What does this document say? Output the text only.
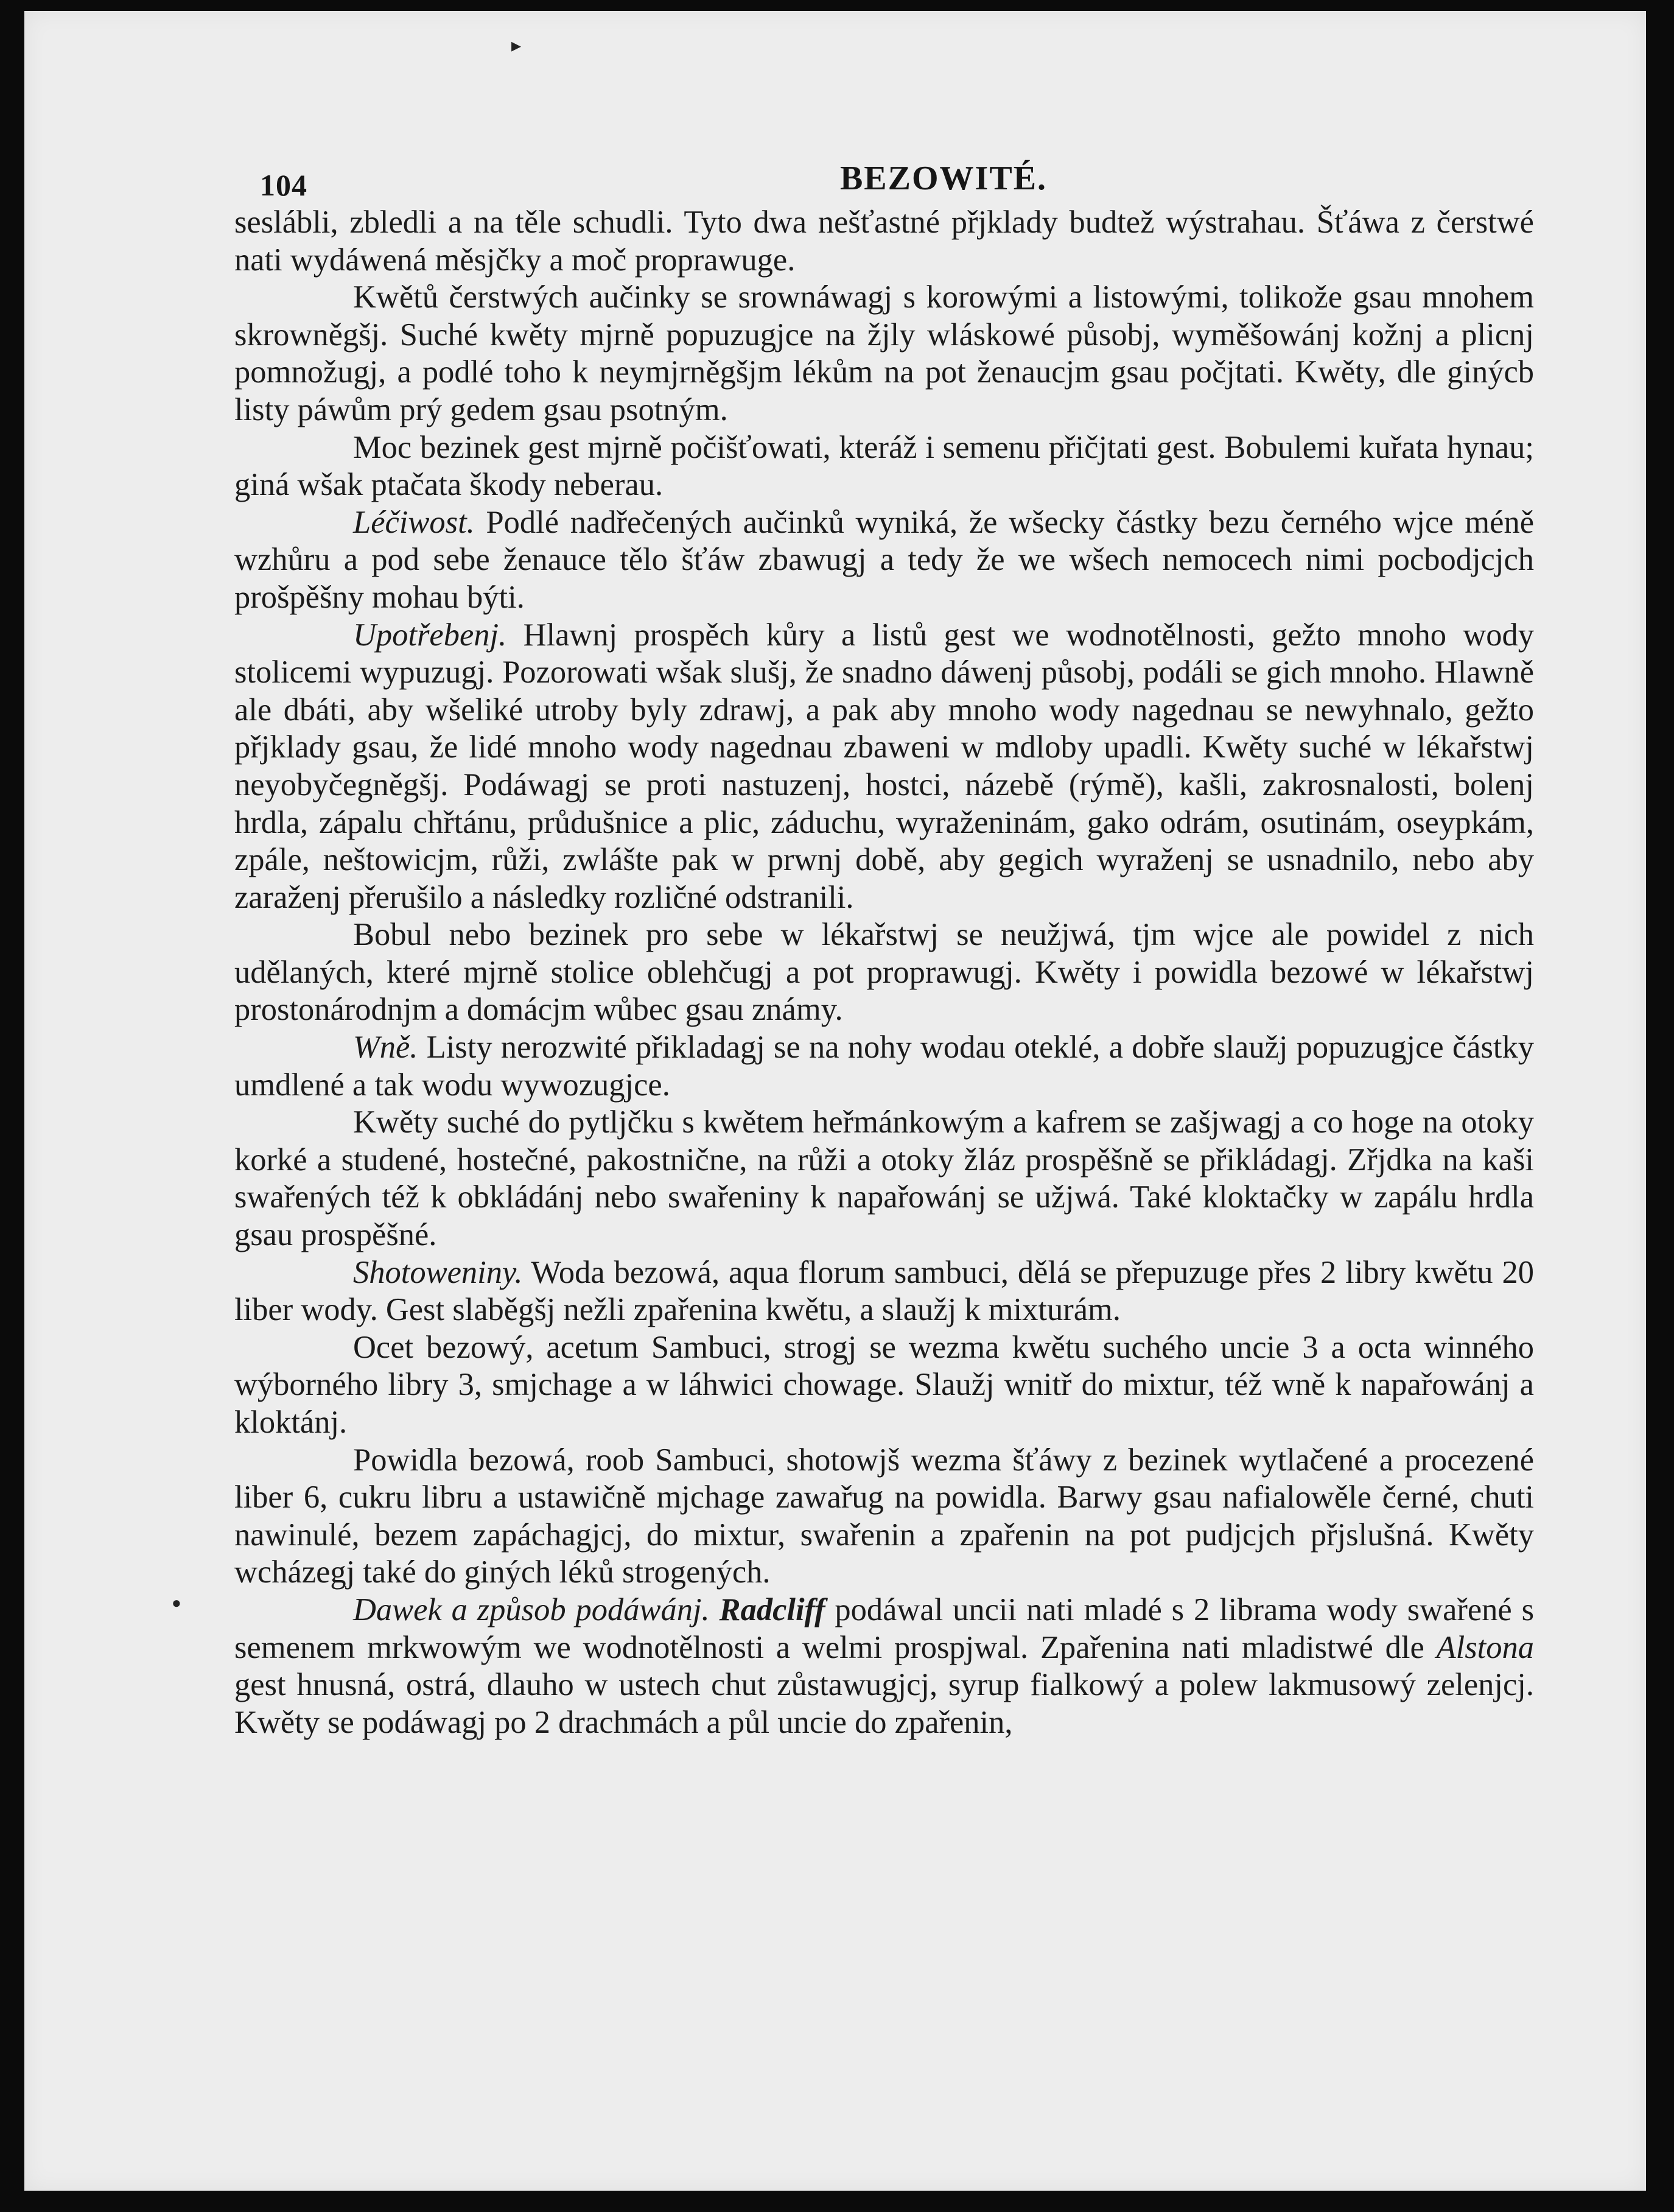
104	BEZOWITÉ.

seslábli, zbledli a na těle schudli. Tyto dwa nešťastné přjklady budtež wýstrahau. Šťáwa z čerstwé nati wydáwená měsjčky a moč proprawuge.

Kwětů čerstwých aučinky se srownáwagj s korowými a listowými, tolikože gsau mnohem skrowněgšj. Suché kwěty mjrně popuzugjce na žjly wláskowé působj, wyměšowánj kožnj a plicnj pomnožugj, a podlé toho k neymjrněgšjm lékům na pot ženaucjm gsau počjtati. Kwěty, dle ginýcb listy páwům prý gedem gsau psotným.

Moc bezinek gest mjrně počišťowati, kteráž i semenu přičjtati gest. Bobulemi kuřata hynau; giná wšak ptačata škody neberau.

Léčiwost. Podlé nadřečených aučinků wyniká, že wšecky částky bezu černého wjce méně wzhůru a pod sebe ženauce tělo šťáw zbawugj a tedy že we wšech nemocech nimi pocbodjcjch prošpěšny mohau býti.

Upotřebenj. Hlawnj prospěch kůry a listů gest we wodnotělnosti, gežto mnoho wody stolicemi wypuzugj. Pozorowati wšak slušj, že snadno dáwenj působj, podáli se gich mnoho. Hlawně ale dbáti, aby wšeliké utroby byly zdrawj, a pak aby mnoho wody nagednau se newyhnalo, gežto přjklady gsau, že lidé mnoho wody nagednau zbaweni w mdloby upadli. Kwěty suché w lékařstwj neyobyčegněgšj. Podáwagj se proti nastuzenj, hostci, názebě (rýmě), kašli, zakrosnalosti, bolenj hrdla, zápalu chřtánu, průdušnice a plic, záduchu, wyraženinám, gako odrám, osutinám, oseypkám, zpále, neštowicjm, růži, zwlášte pak w prwnj době, aby gegich wyraženj se usnadnilo, nebo aby zaraženj přerušilo a následky rozličné odstranili.

Bobul nebo bezinek pro sebe w lékařstwj se neužjwá, tjm wjce ale powidel z nich udělaných, které mjrně stolice oblehčugj a pot proprawugj. Kwěty i powidla bezowé w lékařstwj prostonárodnjm a domácjm wůbec gsau známy.

Wně. Listy nerozwité přikladagj se na nohy wodau oteklé, a dobře slaužj popuzugjce částky umdlené a tak wodu wywozugjce.

Kwěty suché do pytljčku s kwětem heřmánkowým a kafrem se zašjwagj a co hoge na otoky korké a studené, hostečné, pakostnične, na růži a otoky žláz prospěšně se přikládagj. Zřjdka na kaši swařených též k obkládánj nebo swařeniny k napařowánj se užjwá. Také kloktačky w zapálu hrdla gsau prospěšné.

Shotoweniny. Woda bezowá, aqua florum sambuci, dělá se přepuzuge přes 2 libry kwětu 20 liber wody. Gest slaběgšj nežli zpařenina kwětu, a slaužj k mixturám.

Ocet bezowý, acetum Sambuci, strogj se wezma kwětu suchého uncie 3 a octa winného wýborného libry 3, smjchage a w láhwici chowage. Slaužj wnitř do mixtur, též wně k napařowánj a kloktánj.

Powidla bezowá, roob Sambuci, shotowjš wezma šťáwy z bezinek wytlačené a procezené liber 6, cukru libru a ustawičně mjchage zawařug na powidla. Barwy gsau nafialowěle černé, chuti nawinulé, bezem zapáchagjcj, do mixtur, swařenin a zpařenin na pot pudjcjch přjslušná. Kwěty wcházegj také do giných léků strogených.

Dawek a způsob podáwánj. Radcliff podáwal uncii nati mladé s 2 librama wody swařené s semenem mrkwowým we wodnotělnosti a welmi prospjwal. Zpařenina nati mladistwé dle Alstona gest hnusná, ostrá, dlauho w ustech chut zůstawugjcj, syrup fialkowý a polew lakmusowý zelenjcj. Kwěty se podáwagj po 2 drachmách a půl uncie do zpařenin,

●
▸
